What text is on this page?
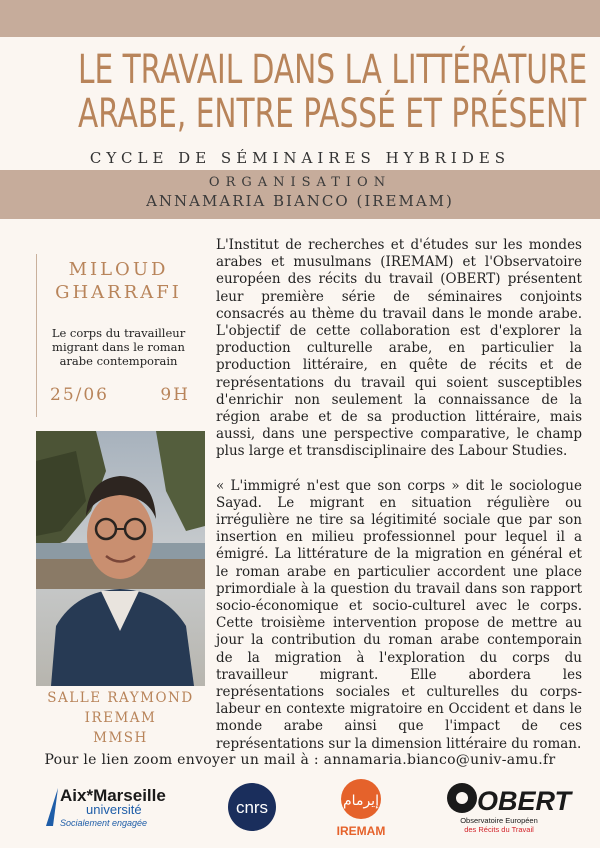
LE TRAVAIL DANS LA LITTÉRATURE
ARABE, ENTRE PASSÉ ET PRÉSENT
CYCLE DE SÉMINAIRES HYBRIDES
ORGANISATION
ANNAMARIA BIANCO (IREMAM)
MILOUD
GHARRAFI
Le corps du travailleur migrant dans le roman arabe contemporain
25/06	9H
SALLE RAYMOND
IREMAM
MMSH

L'Institut de recherches et d'études sur les mondes arabes et musulmans (IREMAM) et l'Observatoire européen des récits du travail (OBERT) présentent leur première série de séminaires conjoints consacrés au thème du travail dans le monde arabe. L'objectif de cette collaboration est d'explorer la production culturelle arabe, en particulier la production littéraire, en quête de récits et de représentations du travail qui soient susceptibles d'enrichir non seulement la connaissance de la région arabe et de sa production littéraire, mais aussi, dans une perspective comparative, le champ plus large et transdisciplinaire des Labour Studies.

« L'immigré n'est que son corps » dit le sociologue Sayad. Le migrant en situation régulière ou irrégulière ne tire sa légitimité sociale que par son insertion en milieu professionnel pour lequel il a émigré. La littérature de la migration en général et le roman arabe en particulier accordent une place primordiale à la question du travail dans son rapport socio-économique et socio-culturel avec le corps. Cette troisième intervention propose de mettre au jour la contribution du roman arabe contemporain de la migration à l'exploration du corps du travailleur migrant. Elle abordera les représentations sociales et culturelles du corps-labeur en contexte migratoire en Occident et dans le monde arabe ainsi que l'impact de ces représentations sur la dimension littéraire du roman.

Pour le lien zoom envoyer un mail à : annamaria.bianco@univ-amu.fr
Aix*Marseille
université
Socialement engagée
cnrs	إيرمام
IREMAM
OBERT
Observatoire Européen
des Récits du Travail
